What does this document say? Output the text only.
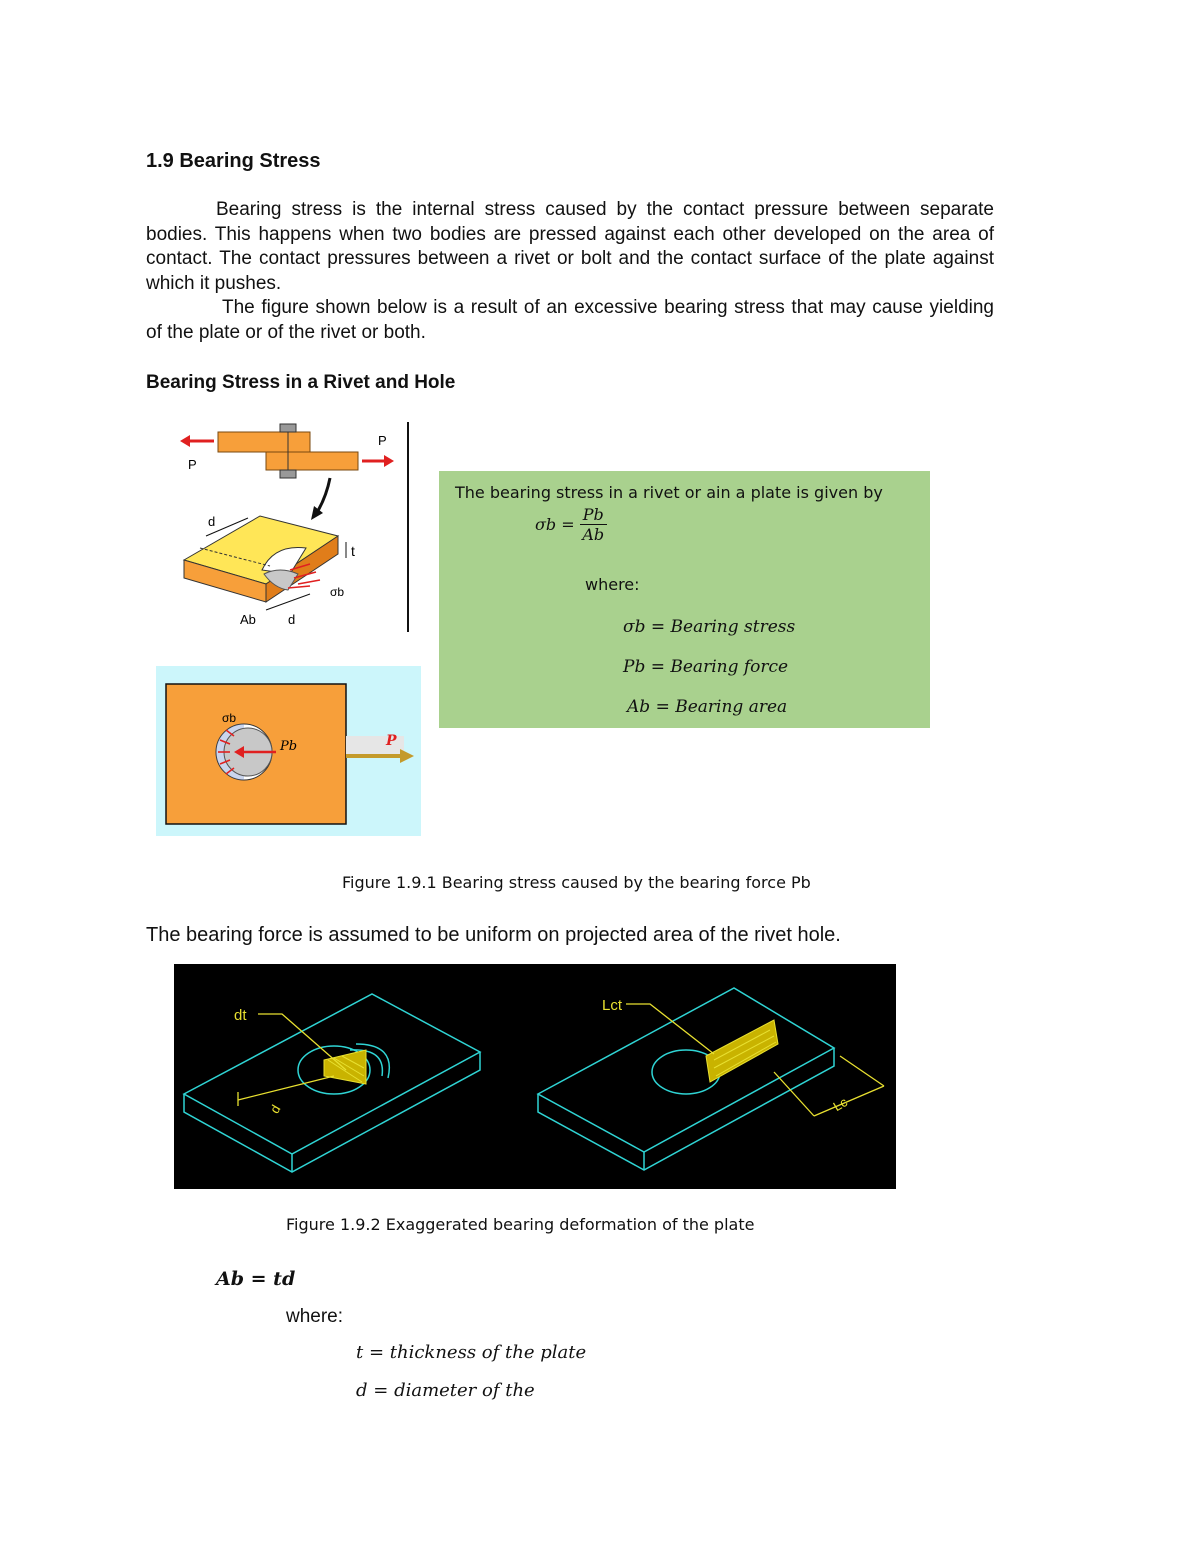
1.9 Bearing Stress

Bearing stress is the internal stress caused by the contact pressure between separate bodies. This happens when two bodies are pressed against each other developed on the area of contact. The contact pressures between a rivet or bolt and the contact surface of the plate against which it pushes.

The figure shown below is a result of an excessive bearing stress that may cause yielding of the plate or of the rivet or both.

Bearing Stress in a Rivet and Hole
P
P
d
t
σb
Ab d
P
σb
Pb
The bearing stress in a rivet or ain a plate is given by
$\sigma b = \frac{Pb}{Ab}$
where:
σb = Bearing stress
Pb = Bearing force
Ab = Bearing area
Figure 1.9.1 Bearing stress caused by the bearing force Pb
The bearing force is assumed to be uniform on projected area of the rivet hole.
dt
d
Lct
Lc
Figure 1.9.2 Exaggerated bearing deformation of the plate
Ab = td
where:
t = thickness of the plate
d = diameter of the
